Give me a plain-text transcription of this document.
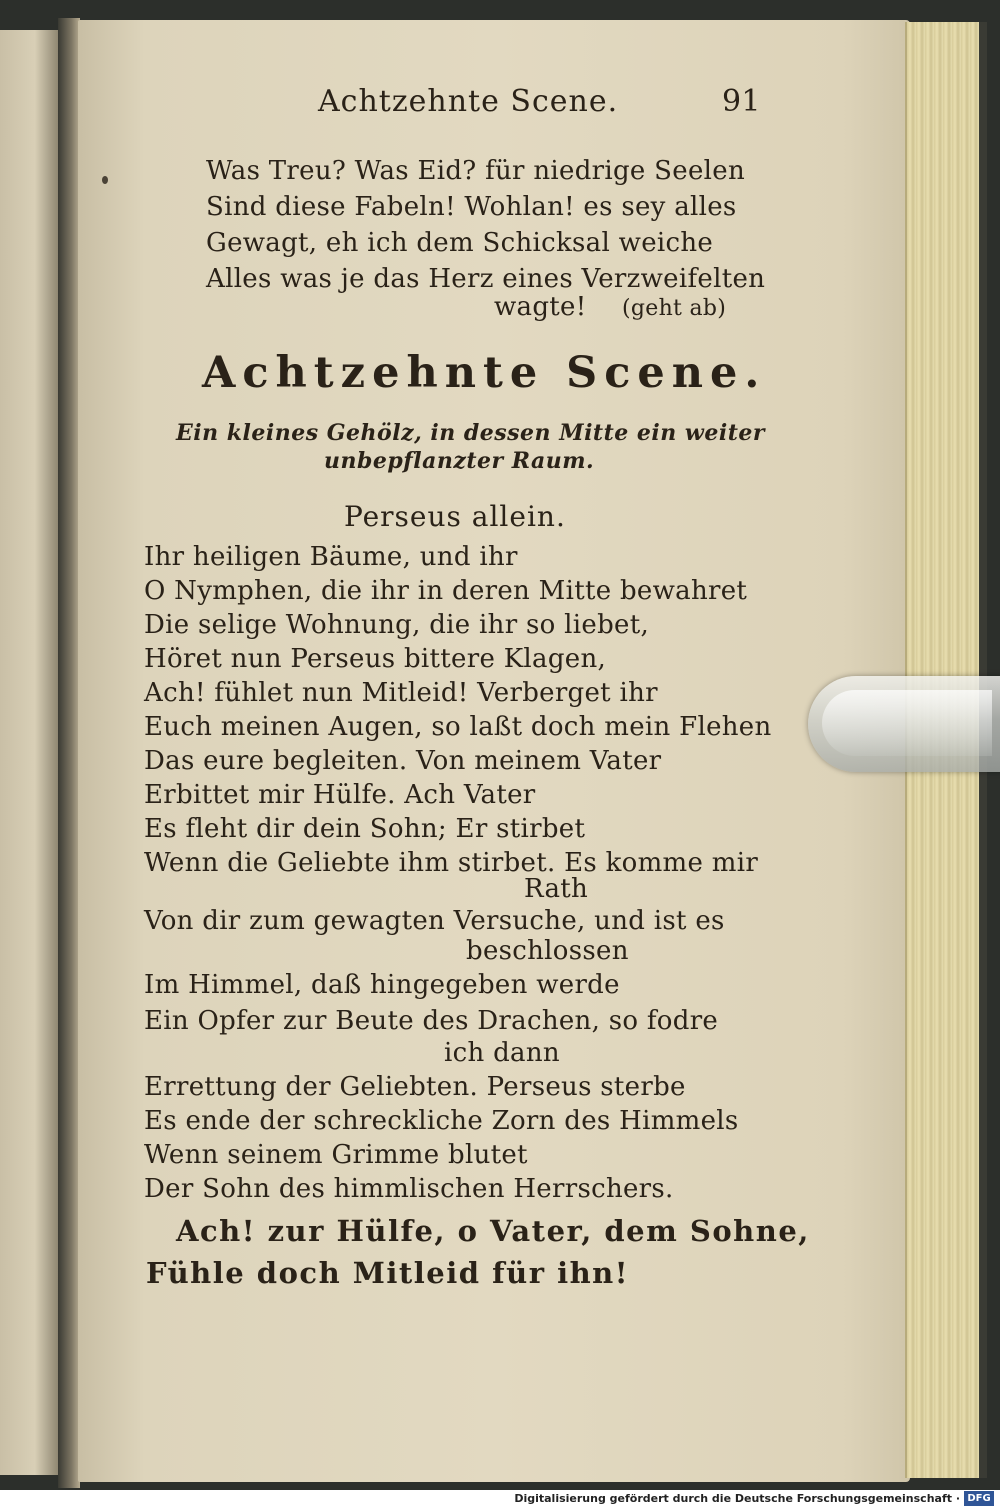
Achtzehnte Scene.	91
Was Treu? Was Eid? für niedrige Seelen
Sind diese Fabeln! Wohlan! es sey alles
Gewagt, eh ich dem Schicksal weiche
Alles was je das Herz eines Verzweifelten
wagte! (geht ab)
Achtzehnte Scene.
Ein kleines Gehölz, in dessen Mitte ein weiter
unbepflanzter Raum.
Perseus allein.
Ihr heiligen Bäume, und ihr
O Nymphen, die ihr in deren Mitte bewahret
Die selige Wohnung, die ihr so liebet,
Höret nun Perseus bittere Klagen,
Ach! fühlet nun Mitleid! Verberget ihr
Euch meinen Augen, so laßt doch mein Flehen
Das eure begleiten. Von meinem Vater
Erbittet mir Hülfe. Ach Vater
Es fleht dir dein Sohn; Er stirbet
Wenn die Geliebte ihm stirbet. Es komme mir
Rath
Von dir zum gewagten Versuche, und ist es
beschlossen
Im Himmel, daß hingegeben werde
Ein Opfer zur Beute des Drachen, so fodre
ich dann
Errettung der Geliebten. Perseus sterbe
Es ende der schreckliche Zorn des Himmels
Wenn seinem Grimme blutet
Der Sohn des himmlischen Herrschers.
Ach! zur Hülfe, o Vater, dem Sohne,
Fühle doch Mitleid für ihn!
Digitalisierung gefördert durch die Deutsche Forschungsgemeinschaft · DFG
